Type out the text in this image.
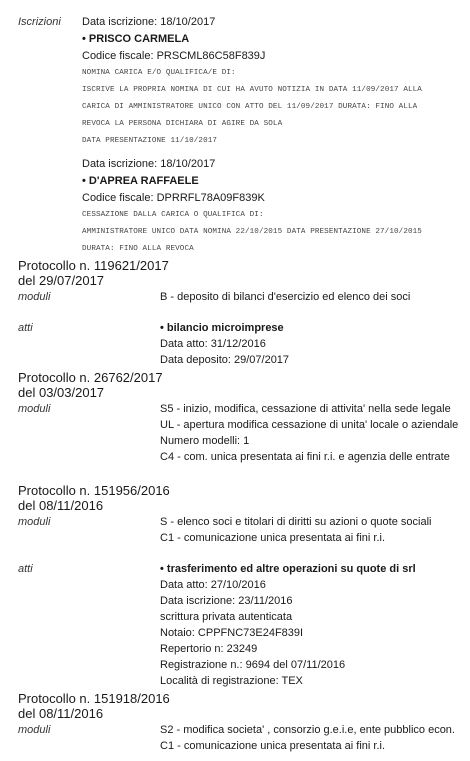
Iscrizioni Data iscrizione: 18/10/2017
• PRISCO CARMELA
Codice fiscale: PRSCML86C58F839J
NOMINA CARICA E/O QUALIFICA/E DI:
ISCRIVE LA PROPRIA NOMINA DI CUI HA AVUTO NOTIZIA IN DATA 11/09/2017 ALLA
CARICA DI AMMINISTRATORE UNICO CON ATTO DEL 11/09/2017 DURATA: FINO ALLA
REVOCA LA PERSONA DICHIARA DI AGIRE DA SOLA
DATA PRESENTAZIONE 11/10/2017
Data iscrizione: 18/10/2017
• D'APREA RAFFAELE
Codice fiscale: DPRRFL78A09F839K
CESSAZIONE DALLA CARICA O QUALIFICA DI:
AMMINISTRATORE UNICO DATA NOMINA 22/10/2015 DATA PRESENTAZIONE 27/10/2015
DURATA: FINO ALLA REVOCA
Protocollo n. 119621/2017
del 29/07/2017
moduli	B - deposito di bilanci d'esercizio ed elenco dei soci
atti	• bilancio microimprese
Data atto: 31/12/2016
Data deposito: 29/07/2017
Protocollo n. 26762/2017
del 03/03/2017
moduli	S5 - inizio, modifica, cessazione di attivita' nella sede legale
UL - apertura modifica cessazione di unita' locale o aziendale
Numero modelli: 1
C4 - com. unica presentata ai fini r.i. e agenzia delle entrate
Protocollo n. 151956/2016
del 08/11/2016
moduli	S - elenco soci e titolari di diritti su azioni o quote sociali
C1 - comunicazione unica presentata ai fini r.i.
atti	• trasferimento ed altre operazioni su quote di srl
Data atto: 27/10/2016
Data iscrizione: 23/11/2016
scrittura privata autenticata
Notaio: CPPFNC73E24F839I
Repertorio n: 23249
Registrazione n.: 9694 del 07/11/2016
Località di registrazione: TEX
Protocollo n. 151918/2016
del 08/11/2016
moduli	S2 - modifica societa' , consorzio g.e.i.e, ente pubblico econ.
C1 - comunicazione unica presentata ai fini r.i.
